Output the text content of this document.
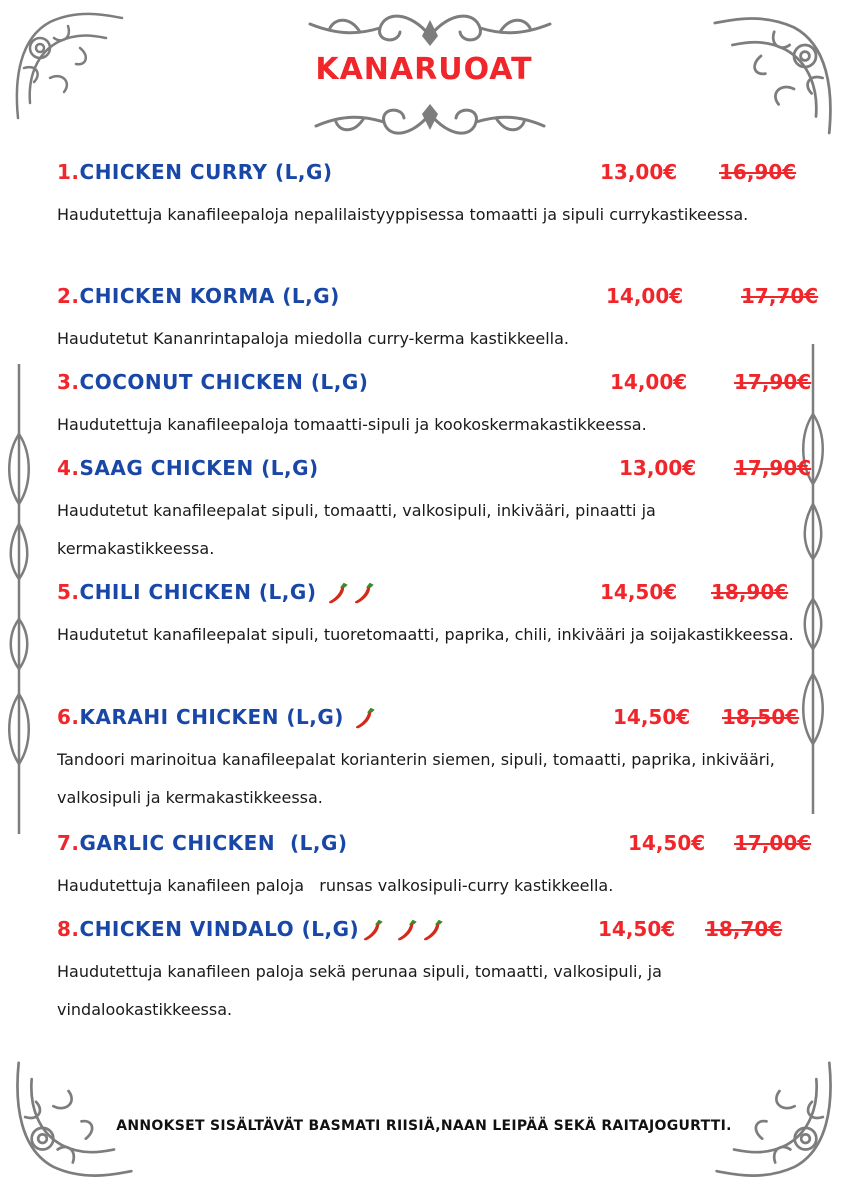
KANARUOAT
1.CHICKEN CURRY (L,G)	13,00€ 16,90€
Haudutettuja kanafileepaloja nepalilaistyyppisessa tomaatti ja sipuli currykastikeessa.
2.CHICKEN KORMA (L,G)	14,00€	17,70€
Haudutetut Kananrintapaloja miedolla curry-kerma kastikkeella.
3.COCONUT CHICKEN (L,G)	14,00€ 17,90€
Haudutettuja kanafileepaloja tomaatti-sipuli ja kookoskermakastikkeessa.
4.SAAG CHICKEN (L,G)	13,00€ 17,90€
Haudutetut kanafileepalat sipuli, tomaatti, valkosipuli, inkivääri, pinaatti ja kermakastikkeessa.
5.CHILI CHICKEN (L,G)	14,50€ 18,90€
Haudutetut kanafileepalat sipuli, tuoretomaatti, paprika, chili, inkivääri ja soijakastikkeessa.
6.KARAHI CHICKEN (L,G)	14,50€ 18,50€
Tandoori marinoitua kanafileepalat korianterin siemen, sipuli, tomaatti, paprika, inkivääri, valkosipuli ja kermakastikkeessa.
7.GARLIC CHICKEN  (L,G)	14,50€ 17,00€
Haudutettuja kanafileen paloja   runsas valkosipuli-curry kastikkeella.
8.CHICKEN VINDALO (L,G)	14,50€ 18,70€
Haudutettuja kanafileen paloja sekä perunaa sipuli, tomaatti, valkosipuli, ja vindalookastikkeessa.
ANNOKSET SISÄLTÄVÄT BASMATI RIISIÄ,NAAN LEIPÄÄ SEKÄ RAITAJOGURTTI.
